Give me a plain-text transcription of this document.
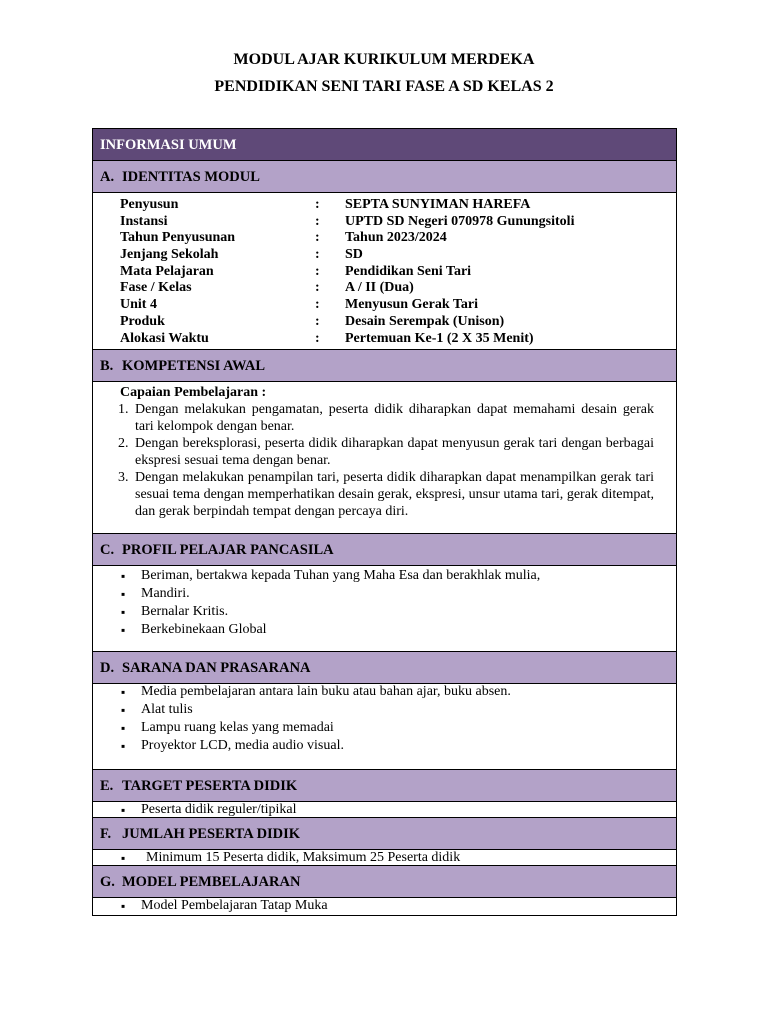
MODUL AJAR KURIKULUM MERDEKA
PENDIDIKAN SENI TARI FASE A SD KELAS 2
INFORMASI UMUM
A. IDENTITAS MODUL
Penyusun	:	SEPTA SUNYIMAN HAREFA
Instansi	:	UPTD SD Negeri 070978 Gunungsitoli
Tahun Penyusunan	:	Tahun 2023/2024
Jenjang Sekolah	:	SD
Mata Pelajaran	:	Pendidikan Seni Tari
Fase / Kelas	:	A / II (Dua)
Unit 4	:	Menyusun Gerak Tari
Produk	:	Desain Serempak (Unison)
Alokasi Waktu	:	Pertemuan Ke-1 (2 X 35 Menit)
B. KOMPETENSI AWAL
Capaian Pembelajaran :
1. Dengan melakukan pengamatan, peserta didik diharapkan dapat memahami desain gerak tari kelompok dengan benar.
2. Dengan bereksplorasi, peserta didik diharapkan dapat menyusun gerak tari dengan berbagai ekspresi sesuai tema dengan benar.
3. Dengan melakukan penampilan tari, peserta didik diharapkan dapat menampilkan gerak tari sesuai tema dengan memperhatikan desain gerak, ekspresi, unsur utama tari, gerak ditempat, dan gerak berpindah tempat dengan percaya diri.
C. PROFIL PELAJAR PANCASILA
▪
Beriman, bertakwa kepada Tuhan yang Maha Esa dan berakhlak mulia,
▪
Mandiri.
▪
Bernalar Kritis.
▪
Berkebinekaan Global
D. SARANA DAN PRASARANA
▪
Media pembelajaran antara lain buku atau bahan ajar, buku absen.
▪
Alat tulis
▪
Lampu ruang kelas yang memadai
▪
Proyektor LCD, media audio visual.
E. TARGET PESERTA DIDIK
▪
Peserta didik reguler/tipikal
F. JUMLAH PESERTA DIDIK
▪
Minimum 15 Peserta didik, Maksimum 25 Peserta didik
G. MODEL PEMBELAJARAN
▪
Model Pembelajaran Tatap Muka
